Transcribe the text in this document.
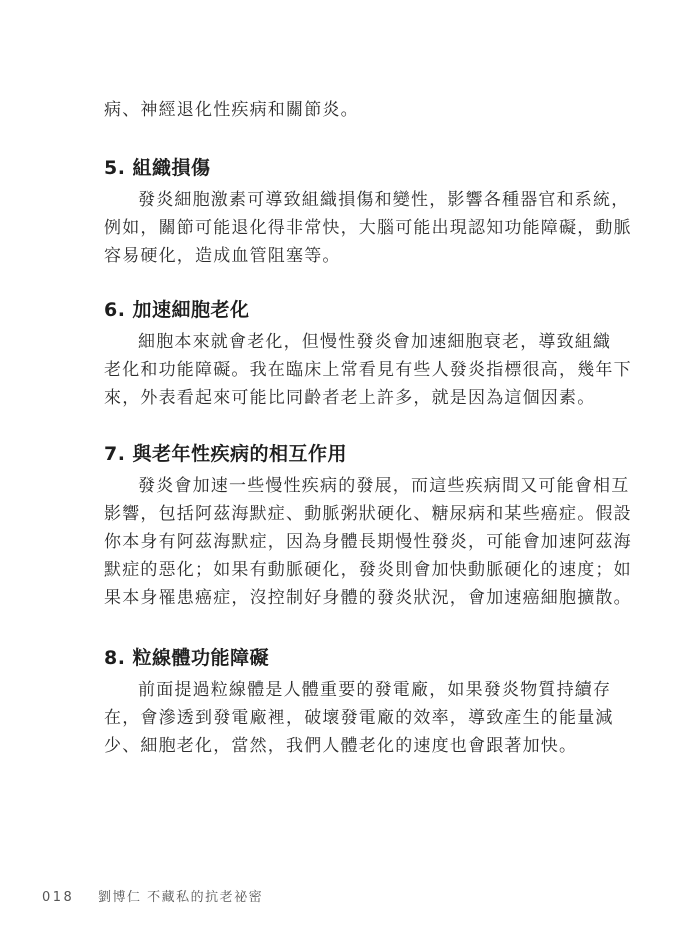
病、神經退化性疾病和關節炎。
5. 組織損傷
發炎細胞激素可導致組織損傷和變性，影響各種器官和系統，
例如，關節可能退化得非常快，大腦可能出現認知功能障礙，動脈
容易硬化，造成血管阻塞等。
6. 加速細胞老化
細胞本來就會老化，但慢性發炎會加速細胞衰老，導致組織
老化和功能障礙。我在臨床上常看見有些人發炎指標很高，幾年下
來，外表看起來可能比同齡者老上許多，就是因為這個因素。
7. 與老年性疾病的相互作用
發炎會加速一些慢性疾病的發展，而這些疾病間又可能會相互
影響，包括阿茲海默症、動脈粥狀硬化、糖尿病和某些癌症。假設
你本身有阿茲海默症，因為身體長期慢性發炎，可能會加速阿茲海
默症的惡化；如果有動脈硬化，發炎則會加快動脈硬化的速度；如
果本身罹患癌症，沒控制好身體的發炎狀況，會加速癌細胞擴散。
8. 粒線體功能障礙
前面提過粒線體是人體重要的發電廠，如果發炎物質持續存
在，會滲透到發電廠裡，破壞發電廠的效率，導致產生的能量減
少、細胞老化，當然，我們人體老化的速度也會跟著加快。
018 劉博仁 不藏私的抗老祕密
